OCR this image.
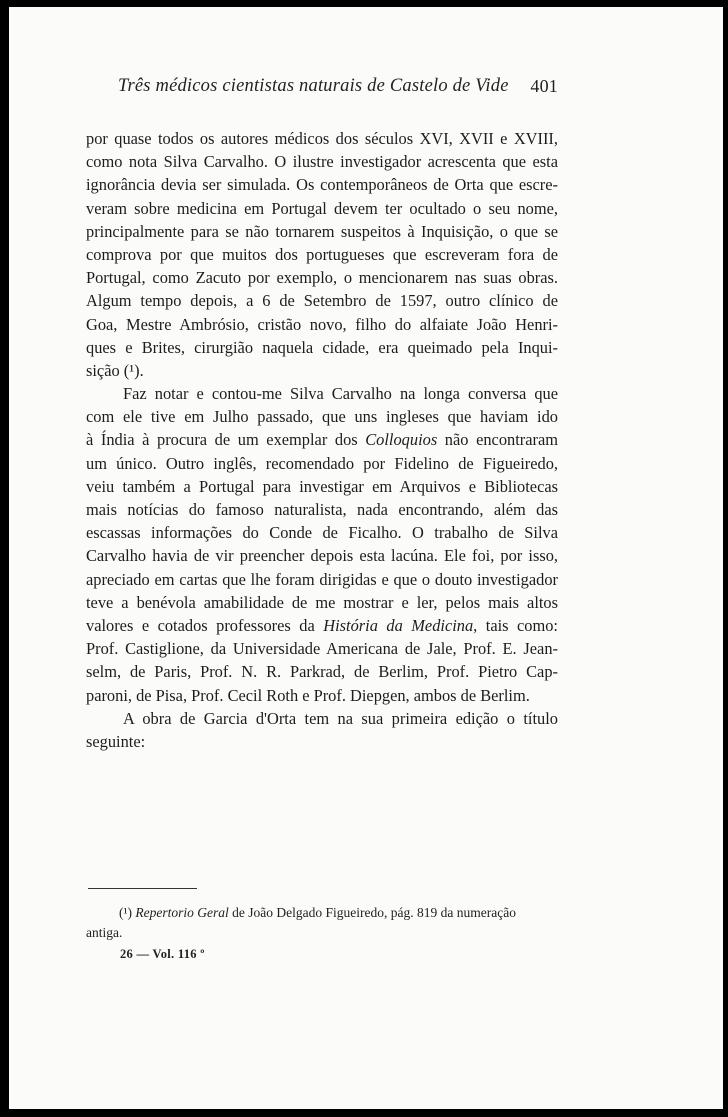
Três médicos cientistas naturais de Castelo de Vide 401
por quase todos os autores médicos dos séculos XVI, XVII e XVIII,
como nota Silva Carvalho. O ilustre investigador acrescenta que esta
ignorância devia ser simulada. Os contemporâneos de Orta que escre-
veram sobre medicina em Portugal devem ter ocultado o seu nome,
principalmente para se não tornarem suspeitos à Inquisição, o que se
comprova por que muitos dos portugueses que escreveram fora de
Portugal, como Zacuto por exemplo, o mencionarem nas suas obras.
Algum tempo depois, a 6 de Setembro de 1597, outro clínico de
Goa, Mestre Ambrósio, cristão novo, filho do alfaiate João Henri-
ques e Brites, cirurgião naquela cidade, era queimado pela Inqui-
sição (¹).
Faz notar e contou-me Silva Carvalho na longa conversa que
com ele tive em Julho passado, que uns ingleses que haviam ido
à Índia à procura de um exemplar dos Colloquios não encontraram
um único. Outro inglês, recomendado por Fidelino de Figueiredo,
veiu também a Portugal para investigar em Arquivos e Bibliotecas
mais notícias do famoso naturalista, nada encontrando, além das
escassas informações do Conde de Ficalho. O trabalho de Silva
Carvalho havia de vir preencher depois esta lacúna. Ele foi, por isso,
apreciado em cartas que lhe foram dirigidas e que o douto investigador
teve a benévola amabilidade de me mostrar e ler, pelos mais altos
valores e cotados professores da História da Medicina, tais como:
Prof. Castiglione, da Universidade Americana de Jale, Prof. E. Jean-
selm, de Paris, Prof. N. R. Parkrad, de Berlim, Prof. Pietro Cap-
paroni, de Pisa, Prof. Cecil Roth e Prof. Diepgen, ambos de Berlim.
A obra de Garcia d'Orta tem na sua primeira edição o título
seguinte:
(¹) Repertorio Geral de João Delgado Figueiredo, pág. 819 da numeração
antiga.
26 — Vol. 116 º
